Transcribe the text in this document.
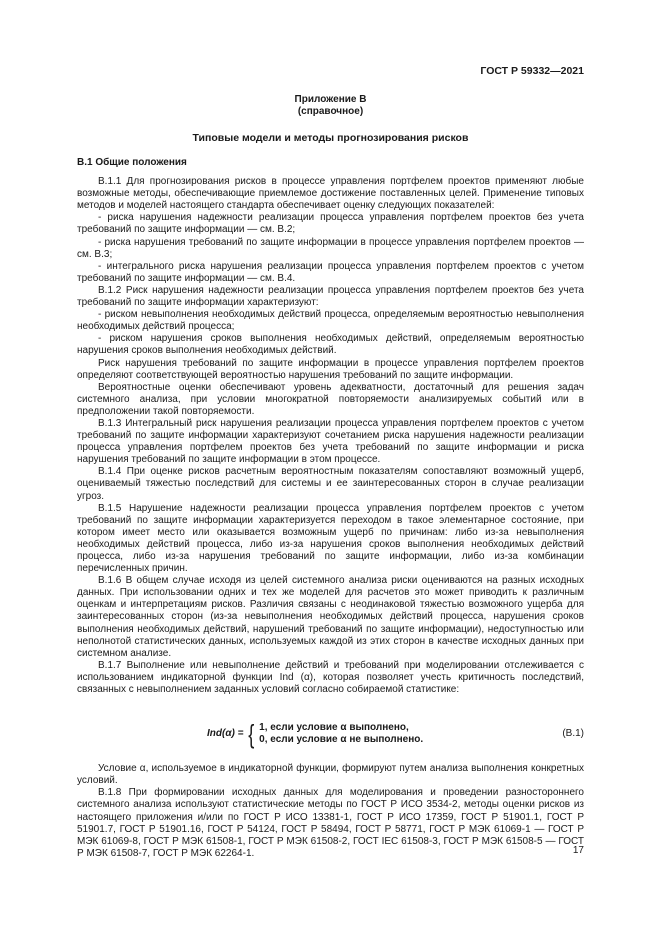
ГОСТ Р 59332—2021
Приложение В
(справочное)
Типовые модели и методы прогнозирования рисков
В.1 Общие положения

В.1.1 Для прогнозирования рисков в процессе управления портфелем проектов применяют любые возможные методы, обеспечивающие приемлемое достижение поставленных целей. Применение типовых методов и моделей настоящего стандарта обеспечивает оценку следующих показателей:

- риска нарушения надежности реализации процесса управления портфелем проектов без учета требований по защите информации — см. В.2;

- риска нарушения требований по защите информации в процессе управления портфелем проектов — см. В.3;

- интегрального риска нарушения реализации процесса управления портфелем проектов с учетом требований по защите информации — см. В.4.

В.1.2 Риск нарушения надежности реализации процесса управления портфелем проектов без учета требований по защите информации характеризуют:

- риском невыполнения необходимых действий процесса, определяемым вероятностью невыполнения необходимых действий процесса;

- риском нарушения сроков выполнения необходимых действий, определяемым вероятностью нарушения сроков выполнения необходимых действий.

Риск нарушения требований по защите информации в процессе управления портфелем проектов определяют соответствующей вероятностью нарушения требований по защите информации.

Вероятностные оценки обеспечивают уровень адекватности, достаточный для решения задач системного анализа, при условии многократной повторяемости анализируемых событий или в предположении такой повторяемости.

В.1.3 Интегральный риск нарушения реализации процесса управления портфелем проектов с учетом требований по защите информации характеризуют сочетанием риска нарушения надежности реализации процесса управления портфелем проектов без учета требований по защите информации и риска нарушения требований по защите информации в этом процессе.

В.1.4 При оценке рисков расчетным вероятностным показателям сопоставляют возможный ущерб, оцениваемый тяжестью последствий для системы и ее заинтересованных сторон в случае реализации угроз.

В.1.5 Нарушение надежности реализации процесса управления портфелем проектов с учетом требований по защите информации характеризуется переходом в такое элементарное состояние, при котором имеет место или оказывается возможным ущерб по причинам: либо из-за невыполнения необходимых действий процесса, либо из-за нарушения сроков выполнения необходимых действий процесса, либо из-за нарушения требований по защите информации, либо из-за комбинации перечисленных причин.

В.1.6 В общем случае исходя из целей системного анализа риски оцениваются на разных исходных данных. При использовании одних и тех же моделей для расчетов это может приводить к различным оценкам и интерпретациям рисков. Различия связаны с неодинаковой тяжестью возможного ущерба для заинтересованных сторон (из-за невыполнения необходимых действий процесса, нарушения сроков выполнения необходимых действий, нарушений требований по защите информации), недоступностью или неполнотой статистических данных, используемых каждой из этих сторон в качестве исходных данных при системном анализе.

В.1.7 Выполнение или невыполнение действий и требований при моделировании отслеживается с использованием индикаторной функции Ind (α), которая позволяет учесть критичность последствий, связанных с невыполнением заданных условий согласно собираемой статистике:

Ind(α) = { 1, если условие α выполнено,
0, если условие α не выполнено.
(В.1)

Условие α, используемое в индикаторной функции, формируют путем анализа выполнения конкретных условий.

В.1.8 При формировании исходных данных для моделирования и проведении разностороннего системного анализа используют статистические методы по ГОСТ Р ИСО 3534-2, методы оценки рисков из настоящего приложения и/или по ГОСТ Р ИСО 13381-1, ГОСТ Р ИСО 17359, ГОСТ Р 51901.1, ГОСТ Р 51901.7, ГОСТ Р 51901.16, ГОСТ Р 54124, ГОСТ Р 58494, ГОСТ Р 58771, ГОСТ Р МЭК 61069-1 — ГОСТ Р МЭК 61069-8, ГОСТ Р МЭК 61508-1, ГОСТ Р МЭК 61508-2, ГОСТ IEC 61508-3, ГОСТ Р МЭК 61508-5 — ГОСТ Р МЭК 61508-7, ГОСТ Р МЭК 62264-1.	17
